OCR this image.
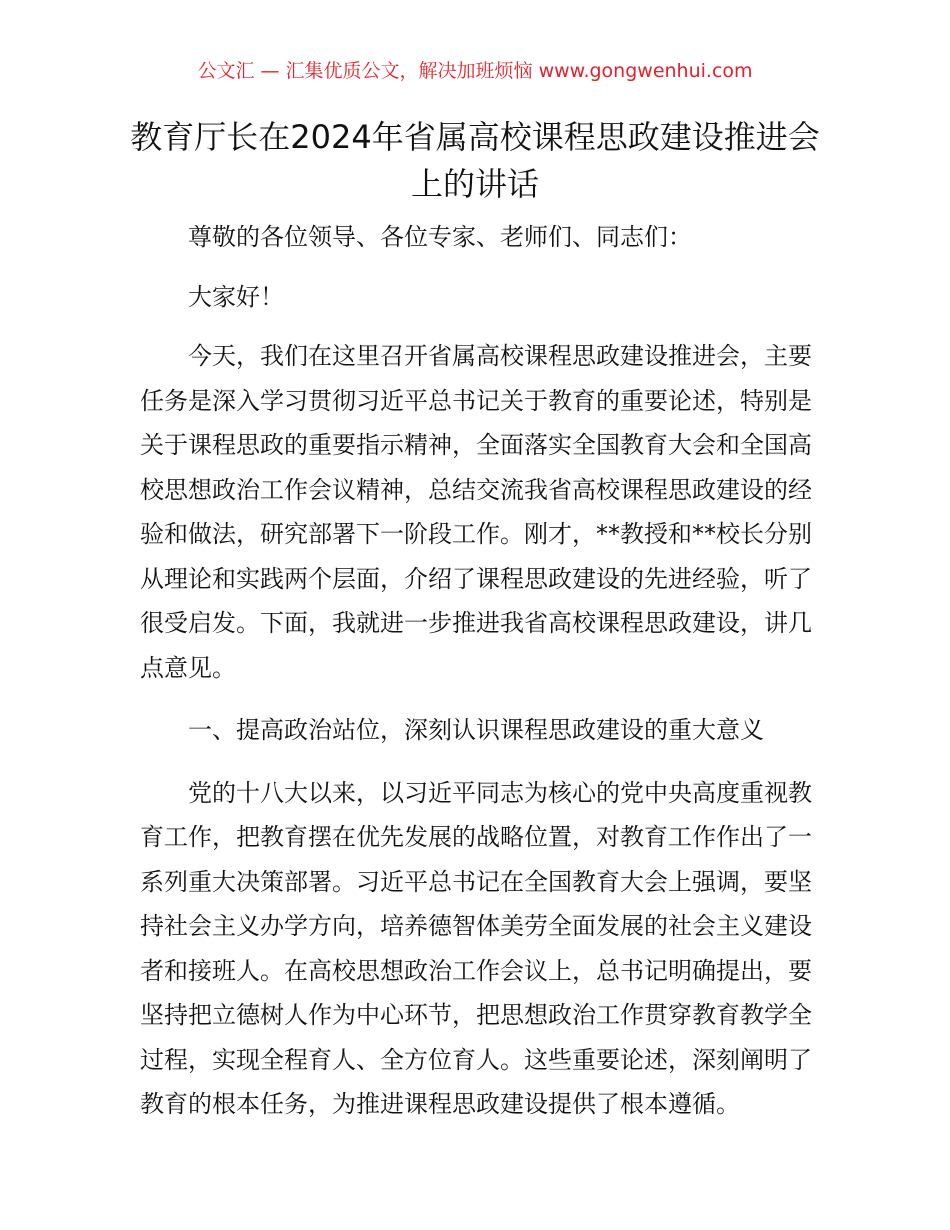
公文汇 — 汇集优质公文，解决加班烦恼 www.gongwenhui.com
教育厅长在2024年省属高校课程思政建设推进会上的讲话

尊敬的各位领导、各位专家、老师们、同志们：

大家好！

今天，我们在这里召开省属高校课程思政建设推进会，主要任务是深入学习贯彻习近平总书记关于教育的重要论述，特别是关于课程思政的重要指示精神，全面落实全国教育大会和全国高校思想政治工作会议精神，总结交流我省高校课程思政建设的经验和做法，研究部署下一阶段工作。刚才，**教授和**校长分别从理论和实践两个层面，介绍了课程思政建设的先进经验，听了很受启发。下面，我就进一步推进我省高校课程思政建设，讲几点意见。

一、提高政治站位，深刻认识课程思政建设的重大意义

党的十八大以来，以习近平同志为核心的党中央高度重视教育工作，把教育摆在优先发展的战略位置，对教育工作作出了一系列重大决策部署。习近平总书记在全国教育大会上强调，要坚持社会主义办学方向，培养德智体美劳全面发展的社会主义建设者和接班人。在高校思想政治工作会议上，总书记明确提出，要坚持把立德树人作为中心环节，把思想政治工作贯穿教育教学全过程，实现全程育人、全方位育人。这些重要论述，深刻阐明了教育的根本任务，为推进课程思政建设提供了根本遵循。
